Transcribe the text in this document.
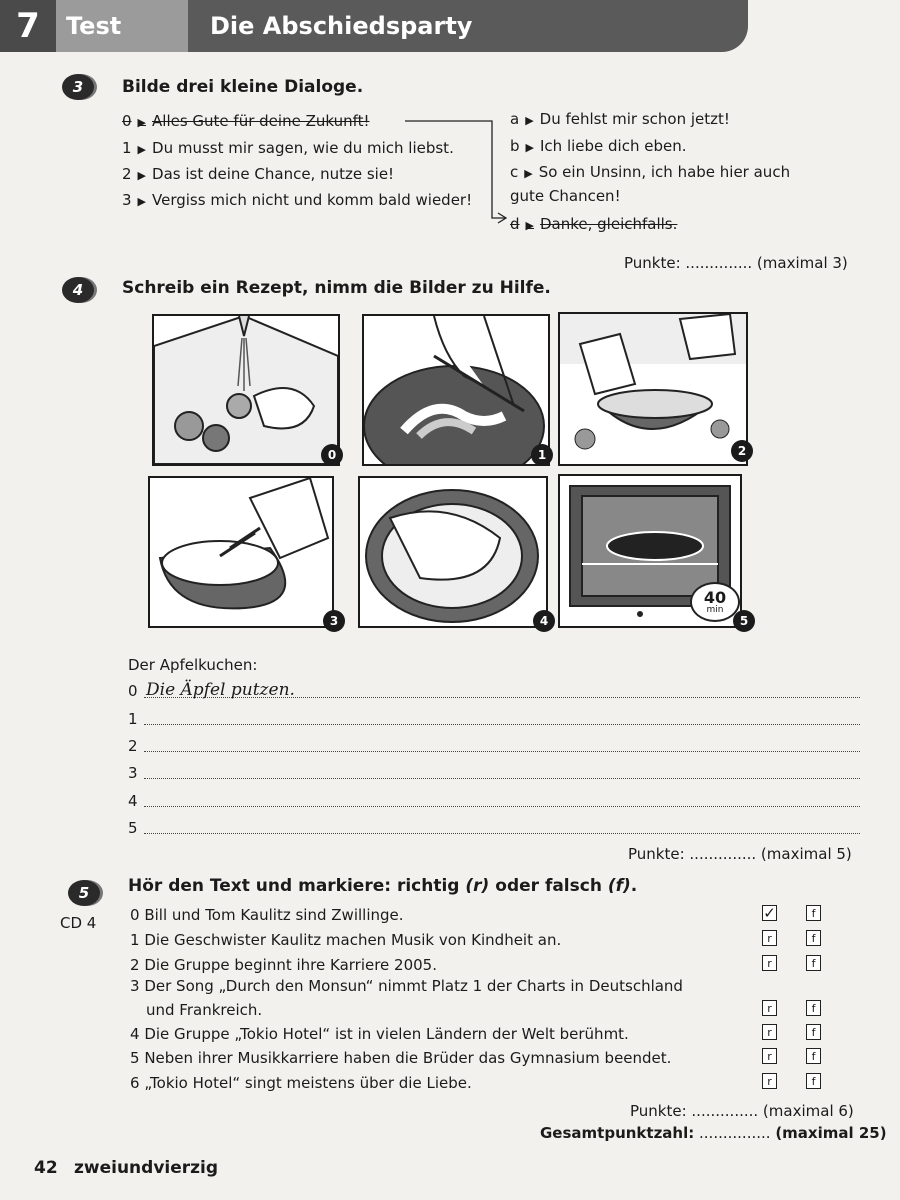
7	Test	Die Abschiedsparty
3	Bilde drei kleine Dialoge.
0 ▶ Alles Gute für deine Zukunft!
1 ▶ Du musst mir sagen, wie du mich liebst.
2 ▶ Das ist deine Chance, nutze sie!
3 ▶ Vergiss mich nicht und komm bald wieder!
a ▶ Du fehlst mir schon jetzt!
b ▶ Ich liebe dich eben.
c ▶ So ein Unsinn, ich habe hier auch
gute Chancen!
d ▶ Danke, gleichfalls.
Punkte: .............. (maximal 3)
4	Schreib ein Rezept, nimm die Bilder zu Hilfe.
0	1	2
3	4
40
min
5
Der Apfelkuchen:
0 Die Äpfel putzen.
1
2
3
4
5
Punkte: .............. (maximal 5)
5
CD 4
Hör den Text und markiere: richtig (r) oder falsch (f).
0 Bill und Tom Kaulitz sind Zwillinge.	✓	f
1 Die Geschwister Kaulitz machen Musik von Kindheit an.	r	f
2 Die Gruppe beginnt ihre Karriere 2005.	r	f
3 Der Song „Durch den Monsun“ nimmt Platz 1 der Charts in Deutschland
und Frankreich.	r	f
4 Die Gruppe „Tokio Hotel“ ist in vielen Ländern der Welt berühmt.	r	f
5 Neben ihrer Musikkarriere haben die Brüder das Gymnasium beendet.	r	f
6 „Tokio Hotel“ singt meistens über die Liebe.	r	f
Punkte: .............. (maximal 6)
Gesamtpunktzahl: ............... (maximal 25)
42 zweiundvierzig
